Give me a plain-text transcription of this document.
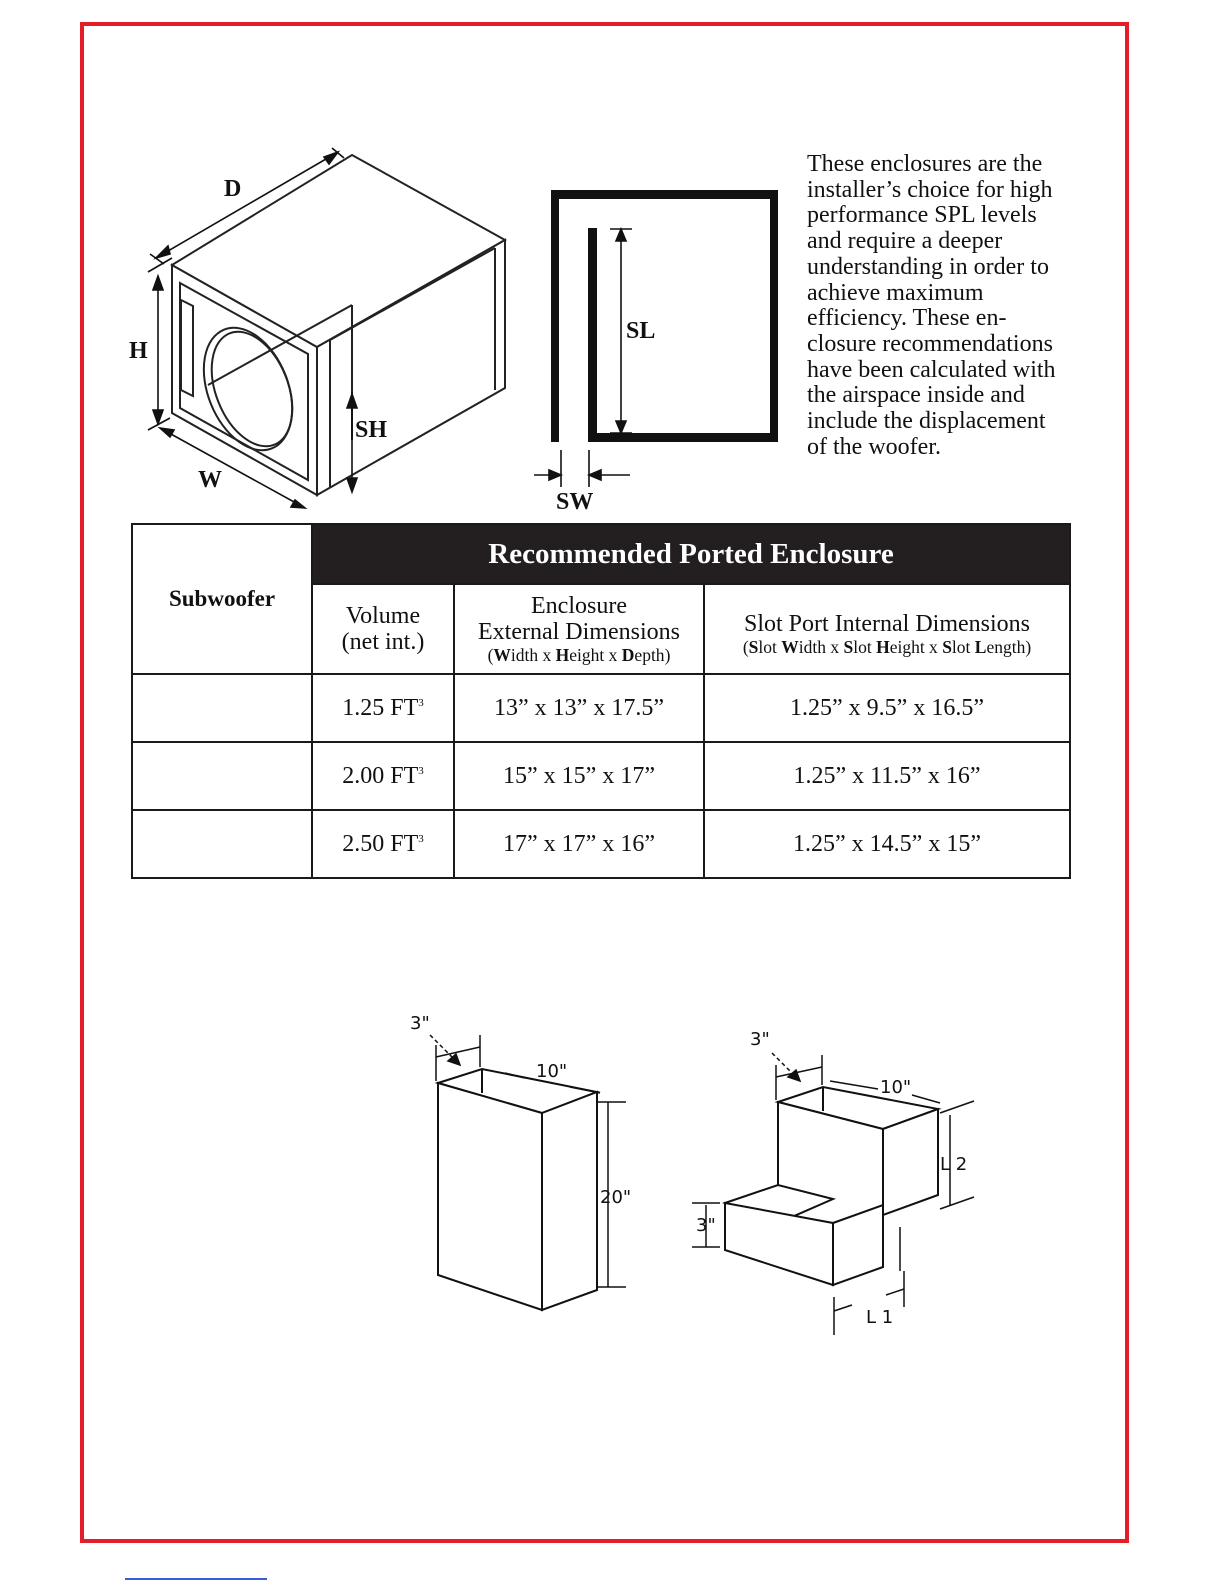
D
H
W
SH
SL
SW

These enclosures are the
installer’s choice for high
performance SPL levels
and require a deeper
understanding in order to
achieve maximum
efficiency. These en-
closure recommendations
have been calculated with
the airspace inside and
include the displacement
of the woofer.

Subwoofer	Recommended Ported Enclosure		

	Volume
(net int.)	Enclosure
External Dimensions
(Width x Height x Depth)	Slot Port Internal Dimensions
(Slot Width x Slot Height x Slot Length)

	1.25 $FT^3$	13” x 13” x 17.5”	1.25” x 9.5” x 16.5”
	2.00 $FT^3$	15” x 15” x 17”	1.25” x 11.5” x 16”
	2.50 $FT^3$	17” x 17” x 16”	1.25” x 14.5” x 15”
3"
10"
20"
3"
10"
L 2
3"
L 1
